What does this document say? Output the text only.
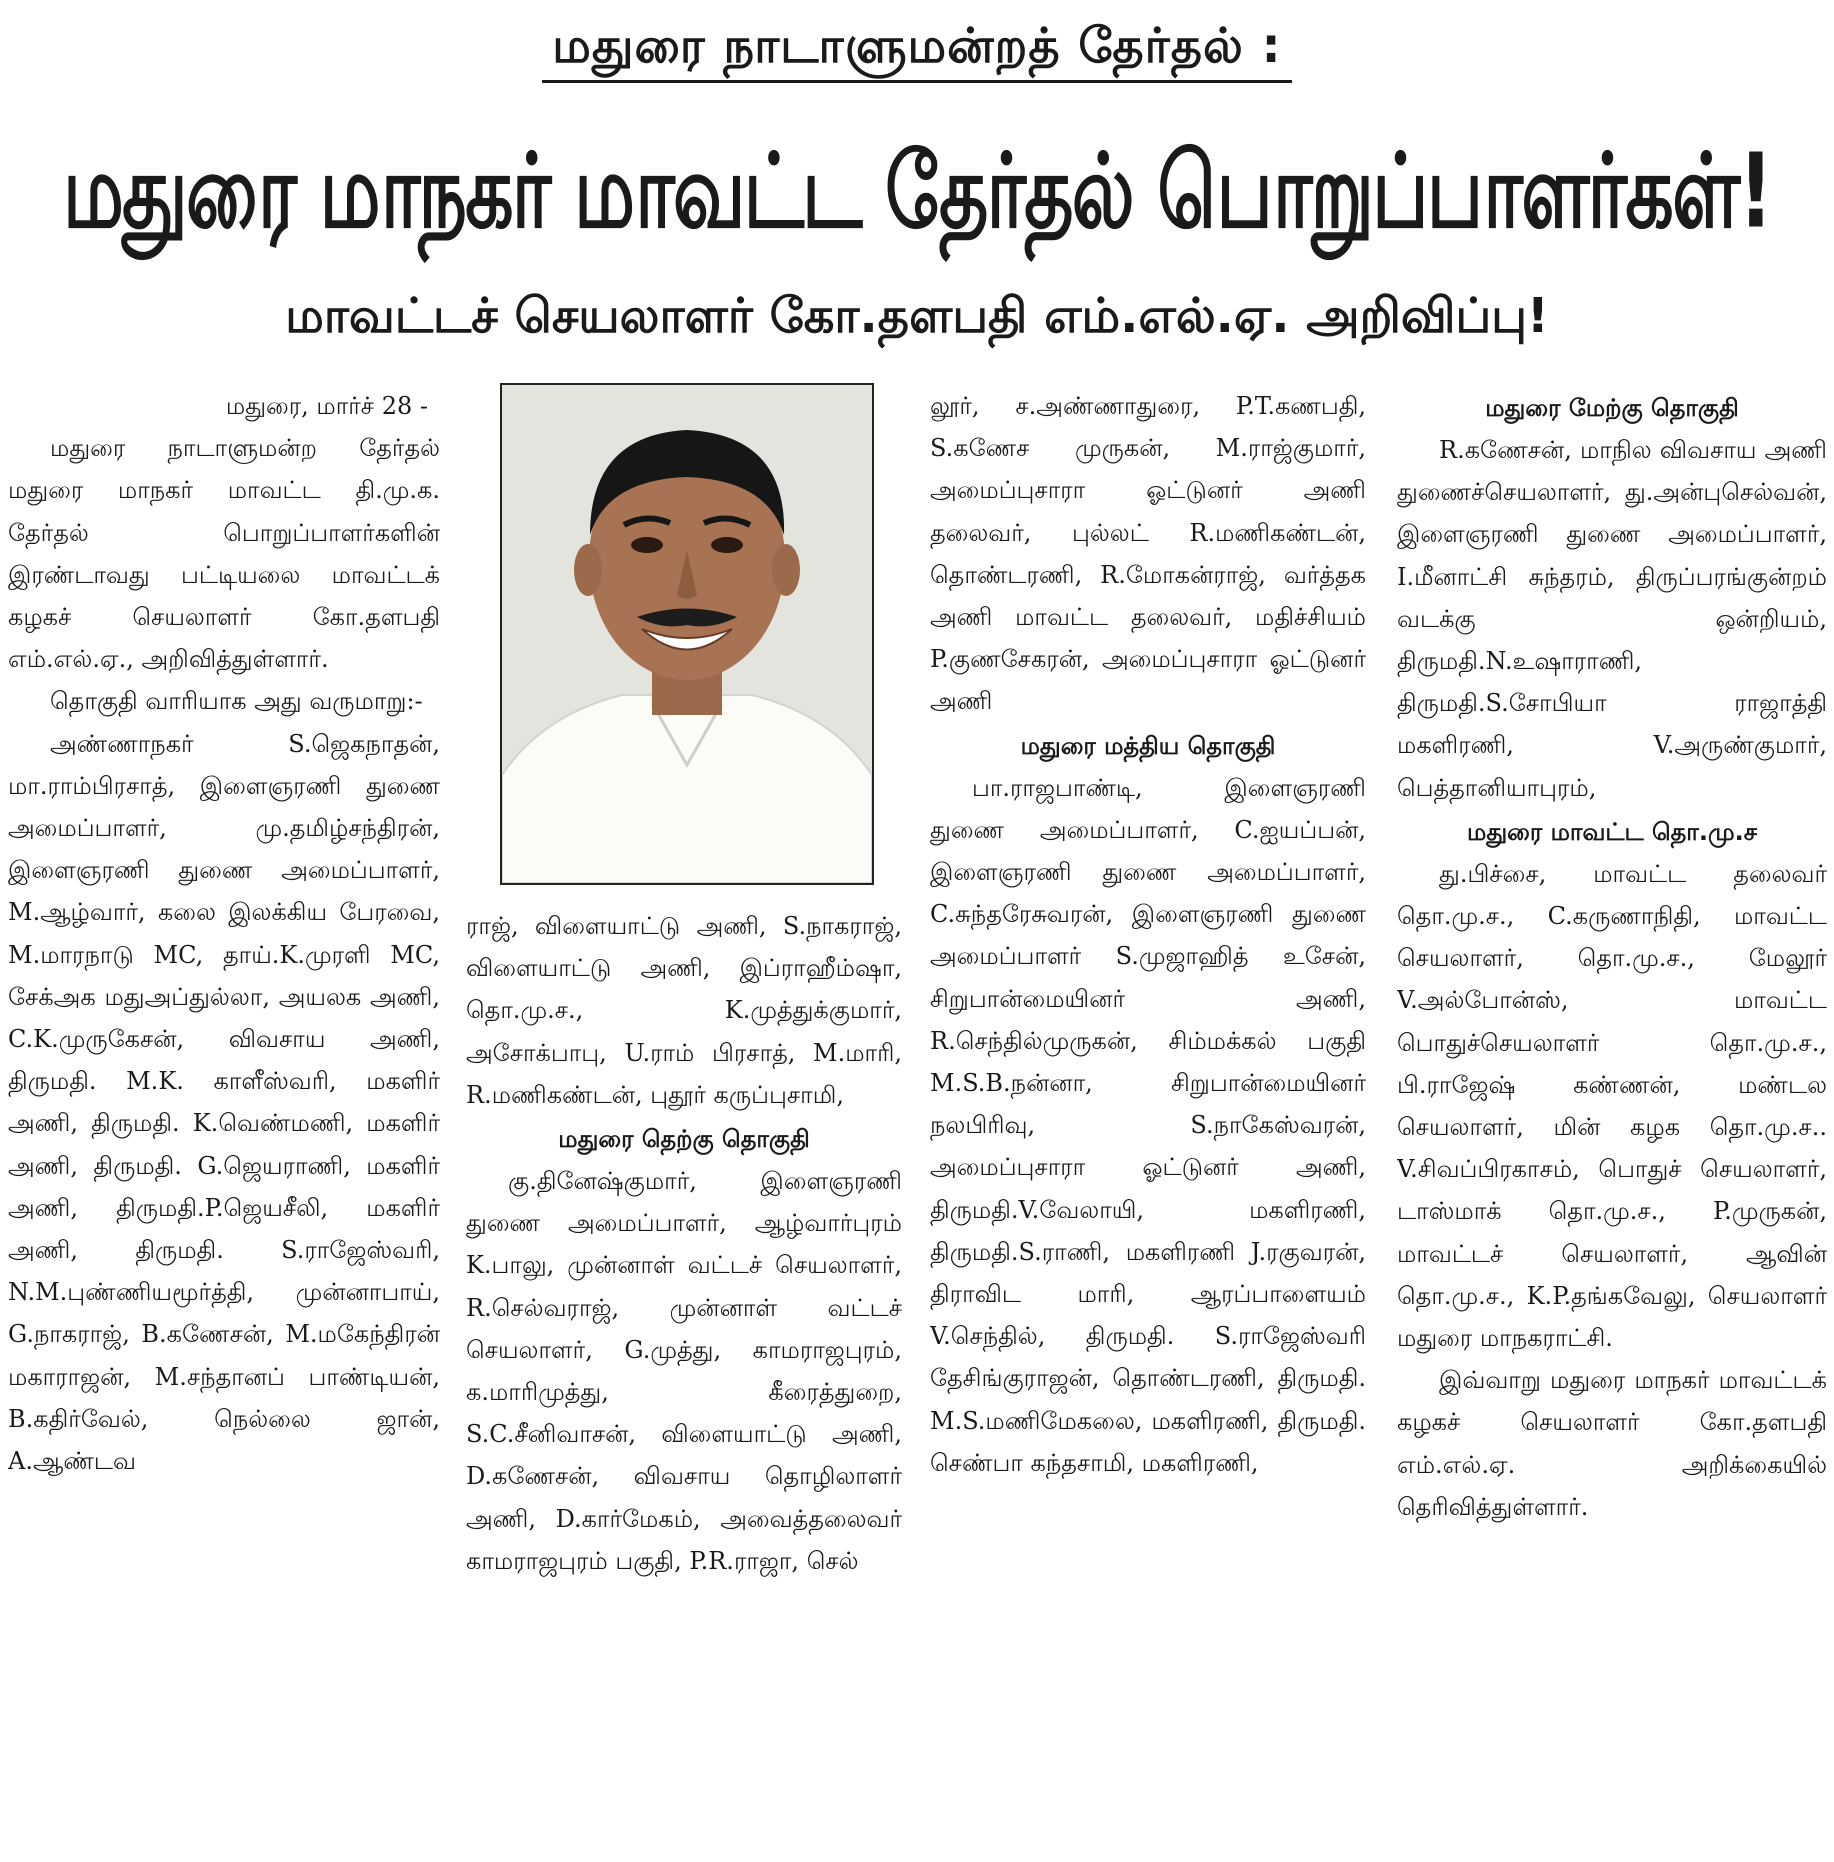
மதுரை நாடாளுமன்றத் தேர்தல் :
மதுரை மாநகர் மாவட்ட தேர்தல் பொறுப்பாளர்கள்!
மாவட்டச் செயலாளர் கோ.தளபதி எம்.எல்.ஏ. அறிவிப்பு!

மதுரை, மார்ச் 28 -

மதுரை நாடாளுமன்ற தேர்தல் மதுரை மாநகர் மாவட்ட தி.மு.க. தேர்தல் பொறுப்பாளர்களின் இரண்டாவது பட்டியலை மாவட்டக் கழகச் செயலாளர் கோ.தளபதி எம்.எல்.ஏ., அறிவித்துள்ளார்.

தொகுதி வாரியாக அது வருமாறு:-

அண்ணாநகர் S.ஜெகநாதன், மா.ராம்பிரசாத், இளைஞரணி துணை அமைப்பாளர், மு.தமிழ்சந்திரன், இளைஞரணி துணை அமைப்பாளர், M.ஆழ்வார், கலை இலக்கிய பேரவை, M.மாரநாடு MC, தாய்.K.முரளி MC, சேக்அக மதுஅப்துல்லா, அயலக அணி, C.K.முருகேசன், விவசாய அணி, திருமதி. M.K. காளீஸ்வரி, மகளிர் அணி, திருமதி. K.வெண்மணி, மகளிர் அணி, திருமதி. G.ஜெயராணி, மகளிர் அணி, திருமதி.P.ஜெயசீலி, மகளிர் அணி, திருமதி. S.ராஜேஸ்வரி, N.M.புண்ணியமூர்த்தி, முன்னாபாய், G.நாகராஜ், B.கணேசன், M.மகேந்திரன் மகாராஜன், M.சந்தானப் பாண்டியன், B.கதிர்வேல், நெல்லை ஜான், A.ஆண்டவ

ராஜ், விளையாட்டு அணி, S.நாகராஜ், விளையாட்டு அணி, இப்ராஹீம்ஷா, தொ.மு.ச., K.முத்துக்குமார், அசோக்பாபு, U.ராம் பிரசாத், M.மாரி, R.மணிகண்டன், புதூர் கருப்புசாமி,

மதுரை தெற்கு தொகுதி

கு.தினேஷ்குமார், இளைஞரணி துணை அமைப்பாளர், ஆழ்வார்புரம் K.பாலு, முன்னாள் வட்டச் செயலாளர், R.செல்வராஜ், முன்னாள் வட்டச் செயலாளர், G.முத்து, காமராஜபுரம், க.மாரிமுத்து, கீரைத்துறை, S.C.சீனிவாசன், விளையாட்டு அணி, D.கணேசன், விவசாய தொழிலாளர் அணி, D.கார்மேகம், அவைத்தலைவர் காமராஜபுரம் பகுதி, P.R.ராஜா, செல்

லூர், ச.அண்ணாதுரை, P.T.கணபதி, S.கணேச முருகன், M.ராஜ்குமார், அமைப்புசாரா ஓட்டுனர் அணி தலைவர், புல்லட் R.மணிகண்டன், தொண்டரணி, R.மோகன்ராஜ், வர்த்தக அணி மாவட்ட தலைவர், மதிச்சியம் P.குணசேகரன், அமைப்புசாரா ஓட்டுனர் அணி

மதுரை மத்திய தொகுதி

பா.ராஜபாண்டி, இளைஞரணி துணை அமைப்பாளர், C.ஐயப்பன், இளைஞரணி துணை அமைப்பாளர், C.சுந்தரேசுவரன், இளைஞரணி துணை அமைப்பாளர் S.முஜாஹித் உசேன், சிறுபான்மையினர் அணி, R.செந்தில்முருகன், சிம்மக்கல் பகுதி M.S.B.நன்னா, சிறுபான்மையினர் நலபிரிவு, S.நாகேஸ்வரன், அமைப்புசாரா ஓட்டுனர் அணி, திருமதி.V.வேலாயி, மகளிரணி, திருமதி.S.ராணி, மகளிரணி J.ரகுவரன், திராவிட மாரி, ஆரப்பாளையம் V.செந்தில், திருமதி. S.ராஜேஸ்வரி தேசிங்குராஜன், தொண்டரணி, திருமதி. M.S.மணிமேகலை, மகளிரணி, திருமதி. செண்பா கந்தசாமி, மகளிரணி,

மதுரை மேற்கு தொகுதி

R.கணேசன், மாநில விவசாய அணி துணைச்செயலாளர், து.அன்புசெல்வன், இளைஞரணி துணை அமைப்பாளர், I.மீனாட்சி சுந்தரம், திருப்பரங்குன்றம் வடக்கு ஒன்றியம், திருமதி.N.உஷாராணி, திருமதி.S.சோபியா ராஜாத்தி மகளிரணி, V.அருண்குமார், பெத்தானியாபுரம்,

மதுரை மாவட்ட தொ.மு.ச

து.பிச்சை, மாவட்ட தலைவர் தொ.மு.ச., C.கருணாநிதி, மாவட்ட செயலாளர், தொ.மு.ச., மேலூர் V.அல்போன்ஸ், மாவட்ட பொதுச்செயலாளர் தொ.மு.ச., பி.ராஜேஷ் கண்ணன், மண்டல செயலாளர், மின் கழக தொ.மு.ச.. V.சிவப்பிரகாசம், பொதுச் செயலாளர், டாஸ்மாக் தொ.மு.ச., P.முருகன், மாவட்டச் செயலாளர், ஆவின் தொ.மு.ச., K.P.தங்கவேலு, செயலாளர் மதுரை மாநகராட்சி.

இவ்வாறு மதுரை மாநகர் மாவட்டக் கழகச் செயலாளர் கோ.தளபதி எம்.எல்.ஏ. அறிக்கையில் தெரிவித்துள்ளார்.
